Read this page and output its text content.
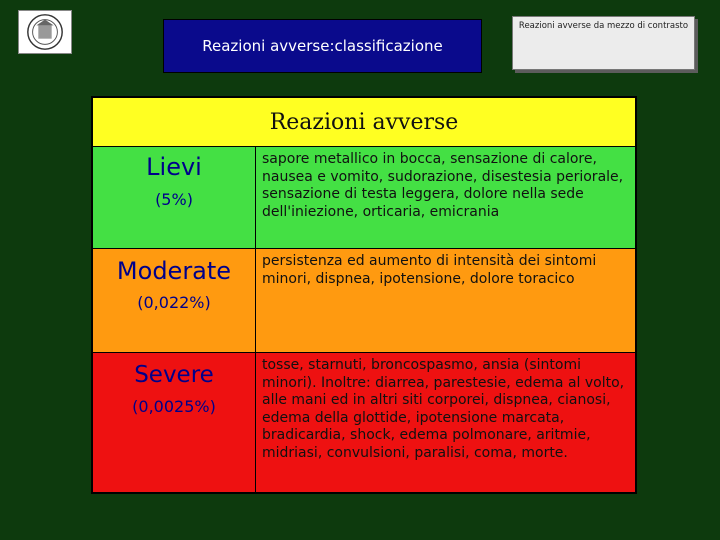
Reazioni avverse:classificazione
Reazioni avverse da mezzo di contrasto
Reazioni avverse
Lievi
(5%)
sapore metallico in bocca, sensazione di calore, nausea e vomito, sudorazione, disestesia periorale, sensazione di testa leggera, dolore nella sede dell'iniezione, orticaria, emicrania
Moderate
(0,022%)
persistenza ed aumento di intensità dei sintomi minori, dispnea, ipotensione, dolore toracico
Severe
(0,0025%)
tosse, starnuti, broncospasmo, ansia (sintomi minori). Inoltre: diarrea, parestesie, edema al volto, alle mani ed in altri siti corporei, dispnea, cianosi, edema della glottide, ipotensione marcata, bradicardia, shock, edema polmonare, aritmie, midriasi, convulsioni, paralisi, coma, morte.
